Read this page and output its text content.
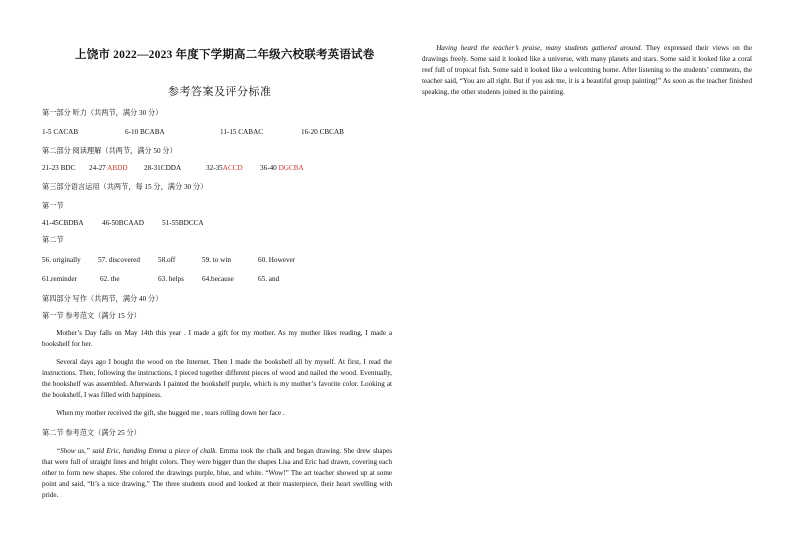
上饶市 2022—2023 年度下学期高二年级六校联考英语试卷
参考答案及评分标准
第一部分 听力（共两节，满分 30 分）
1-5 CACAB	6-10 BCABA	11-15 CABAC	16-20 CBCAB
第二部分 阅读理解（共两节，满分 50 分）
21-23 BDC 24-27 ABDD 28-31CDDA	32-35ACCD 36-40 DGCBA
第三部分语言运用（共两节，每 15 分，满分 30 分）
第一节
41-45CBDBA	46-50BCAAD	51-55BDCCA
第二节
56. originally 57. discovered	58.off	59. to win	60. However
61.reminder	62. the	63. helps	64.because	65. and
第四部分 写作（共两节，满分 40 分）
第一节 参考范文（满分 15 分）
Mother’s Day falls on May 14th this year . I made a gift for my mother. As my mother likes reading, I made a bookshelf for her.
Several days ago I bought the wood on the Internet. Then I made the bookshelf all by myself. At first, I read the instructions. Then, following the instructions, I pieced together different pieces of wood and nailed the wood. Eventually, the bookshelf was assembled. Afterwards I painted the bookshelf purple, which is my mother’s favorite color. Looking at the bookshelf, I was filled with happiness.
When my mother received the gift, she hugged me , tears rolling down her face .
第二节 参考范文（满分 25 分）
“Show us,” said Eric, handing Emma a piece of chalk. Emma took the chalk and began drawing. She drew shapes that were full of straight lines and bright colors. They were bigger than the shapes Lisa and Eric had drawn, covering each other to form new shapes. She colored the drawings purple, blue, and white. “Wow!” The art teacher showed up at some point and said, “It’s a nice drawing.” The three students stood and looked at their masterpiece, their heart swelling with pride.
Having heard the teacher’s praise, many students gathered around. They expressed their views on the drawings freely. Some said it looked like a universe, with many planets and stars. Some said it looked like a coral reef full of tropical fish. Some said it looked like a welcoming home. After listening to the students’ comments, the teacher said, “You are all right. But if you ask me, it is a beautiful group painting!” As soon as the teacher finished speaking, the other students joined in the painting.
